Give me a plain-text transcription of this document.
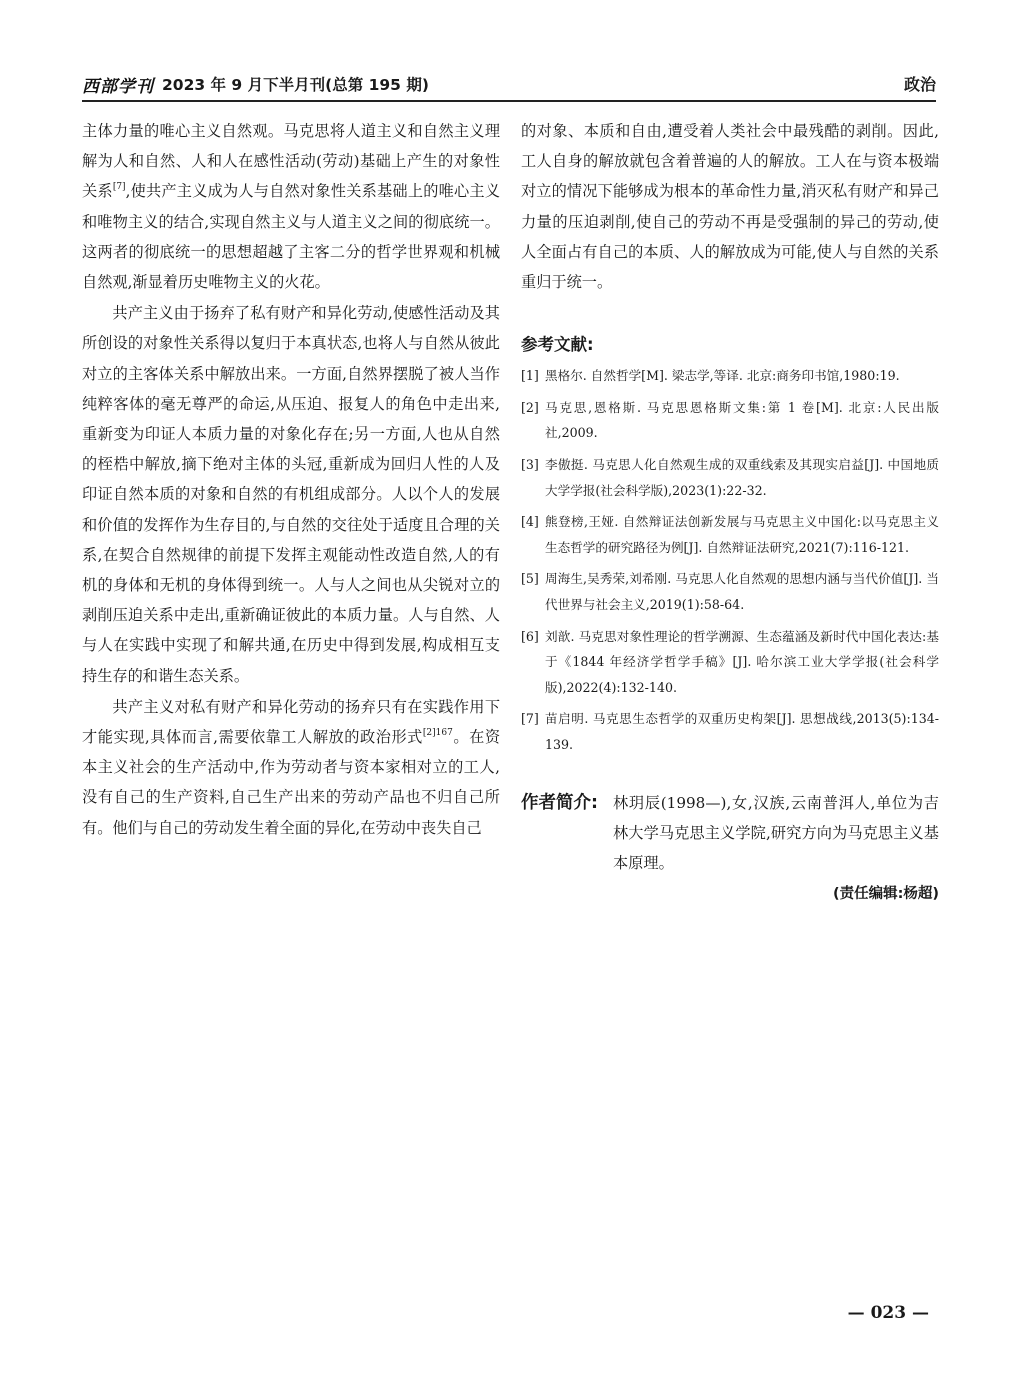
西部学刊 2023 年 9 月下半月刊(总第 195 期)	政治

主体力量的唯心主义自然观。马克思将人道主义和自然主义理解为人和自然、人和人在感性活动(劳动)基础上产生的对象性关系[7],使共产主义成为人与自然对象性关系基础上的唯心主义和唯物主义的结合,实现自然主义与人道主义之间的彻底统一。这两者的彻底统一的思想超越了主客二分的哲学世界观和机械自然观,渐显着历史唯物主义的火花。

共产主义由于扬弃了私有财产和异化劳动,使感性活动及其所创设的对象性关系得以复归于本真状态,也将人与自然从彼此对立的主客体关系中解放出来。一方面,自然界摆脱了被人当作纯粹客体的毫无尊严的命运,从压迫、报复人的角色中走出来,重新变为印证人本质力量的对象化存在;另一方面,人也从自然的桎梏中解放,摘下绝对主体的头冠,重新成为回归人性的人及印证自然本质的对象和自然的有机组成部分。人以个人的发展和价值的发挥作为生存目的,与自然的交往处于适度且合理的关系,在契合自然规律的前提下发挥主观能动性改造自然,人的有机的身体和无机的身体得到统一。人与人之间也从尖锐对立的剥削压迫关系中走出,重新确证彼此的本质力量。人与自然、人与人在实践中实现了和解共通,在历史中得到发展,构成相互支持生存的和谐生态关系。

共产主义对私有财产和异化劳动的扬弃只有在实践作用下才能实现,具体而言,需要依靠工人解放的政治形式$^{[2]167}$。在资本主义社会的生产活动中,作为劳动者与资本家相对立的工人,没有自己的生产资料,自己生产出来的劳动产品也不归自己所有。他们与自己的劳动发生着全面的异化,在劳动中丧失自己

的对象、本质和自由,遭受着人类社会中最残酷的剥削。因此,工人自身的解放就包含着普遍的人的解放。工人在与资本极端对立的情况下能够成为根本的革命性力量,消灭私有财产和异己力量的压迫剥削,使自己的劳动不再是受强制的异己的劳动,使人全面占有自己的本质、人的解放成为可能,使人与自然的关系重归于统一。

参考文献:
[1] 黑格尔. 自然哲学[M]. 梁志学,等译. 北京:商务印书馆,1980:19.
[2] 马克思,恩格斯. 马克思恩格斯文集:第 1 卷[M]. 北京:人民出版社,2009.
[3] 李傲挺. 马克思人化自然观生成的双重线索及其现实启益[J]. 中国地质大学学报(社会科学版),2023(1):22-32.
[4] 熊登榜,王娅. 自然辩证法创新发展与马克思主义中国化:以马克思主义生态哲学的研究路径为例[J]. 自然辩证法研究,2021(7):116-121.
[5] 周海生,吴秀荣,刘希刚. 马克思人化自然观的思想内涵与当代价值[J]. 当代世界与社会主义,2019(1):58-64.
[6] 刘歆. 马克思对象性理论的哲学溯源、生态蕴涵及新时代中国化表达:基于《1844 年经济学哲学手稿》[J]. 哈尔滨工业大学学报(社会科学版),2022(4):132-140.
[7] 苗启明. 马克思生态哲学的双重历史构架[J]. 思想战线,2013(5):134-139.
作者简介: 林玥辰(1998—),女,汉族,云南普洱人,单位为吉林大学马克思主义学院,研究方向为马克思主义基本原理。
(责任编辑:杨超)
— 023 —
